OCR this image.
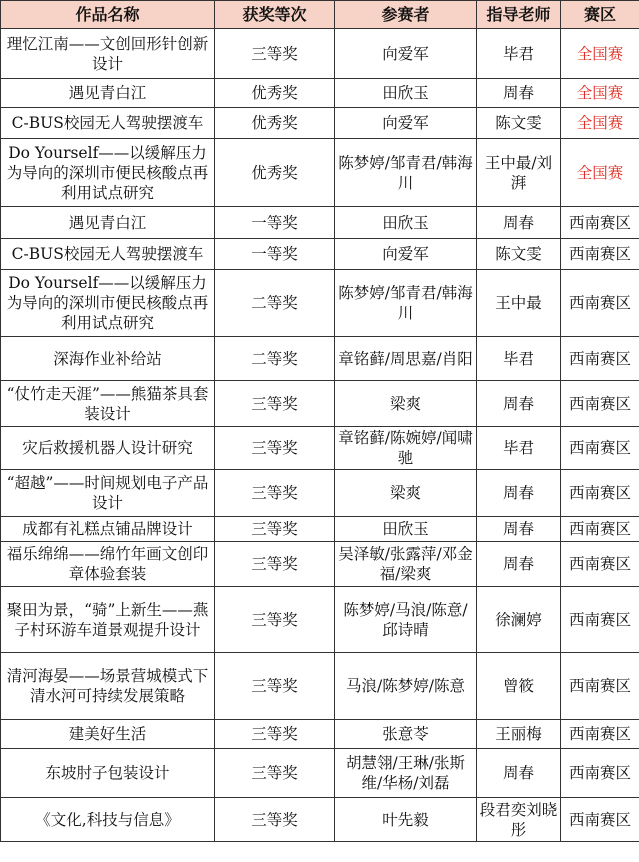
作品名称	获奖等次	参赛者	指导老师	赛区
理忆江南——文创回形针创新设计	三等奖	向爱军	毕君	全国赛
遇见青白江	优秀奖	田欣玉	周春	全国赛
C-BUS校园无人驾驶摆渡车	优秀奖	向爱军	陈文雯	全国赛
Do Yourself——以缓解压力为导向的深圳市便民核酸点再利用试点研究	优秀奖	陈梦婷/邹青君/韩海川	王中最/刘湃	全国赛
遇见青白江	一等奖	田欣玉	周春	西南赛区
C-BUS校园无人驾驶摆渡车	一等奖	向爱军	陈文雯	西南赛区
Do Yourself——以缓解压力为导向的深圳市便民核酸点再利用试点研究	二等奖	陈梦婷/邹青君/韩海川	王中最	西南赛区
深海作业补给站	二等奖	章铭藓/周思嘉/肖阳	毕君	西南赛区
“仗竹走天涯”——熊猫茶具套装设计	三等奖	梁爽	周春	西南赛区
灾后救援机器人设计研究	三等奖	章铭藓/陈婉婷/闻啸驰	毕君	西南赛区
“超越”——时间规划电子产品设计	三等奖	梁爽	周春	西南赛区
成都有礼糕点铺品牌设计	三等奖	田欣玉	周春	西南赛区
福乐绵绵——绵竹年画文创印章体验套装	三等奖	吴泽敏/张露萍/邓金福/梁爽	周春	西南赛区
聚田为景，“骑”上新生——燕子村环游车道景观提升设计	三等奖	陈梦婷/马浪/陈意/邱诗晴	徐澜婷	西南赛区
清河海晏——场景营城模式下清水河可持续发展策略	三等奖	马浪/陈梦婷/陈意	曾筱	西南赛区
建美好生活	三等奖	张意苓	王丽梅	西南赛区
东坡肘子包装设计	三等奖	胡慧翎/王琳/张斯维/华杨/刘磊	周春	西南赛区
《文化,科技与信息》	三等奖	叶先毅	段君奕刘晓彤	西南赛区
